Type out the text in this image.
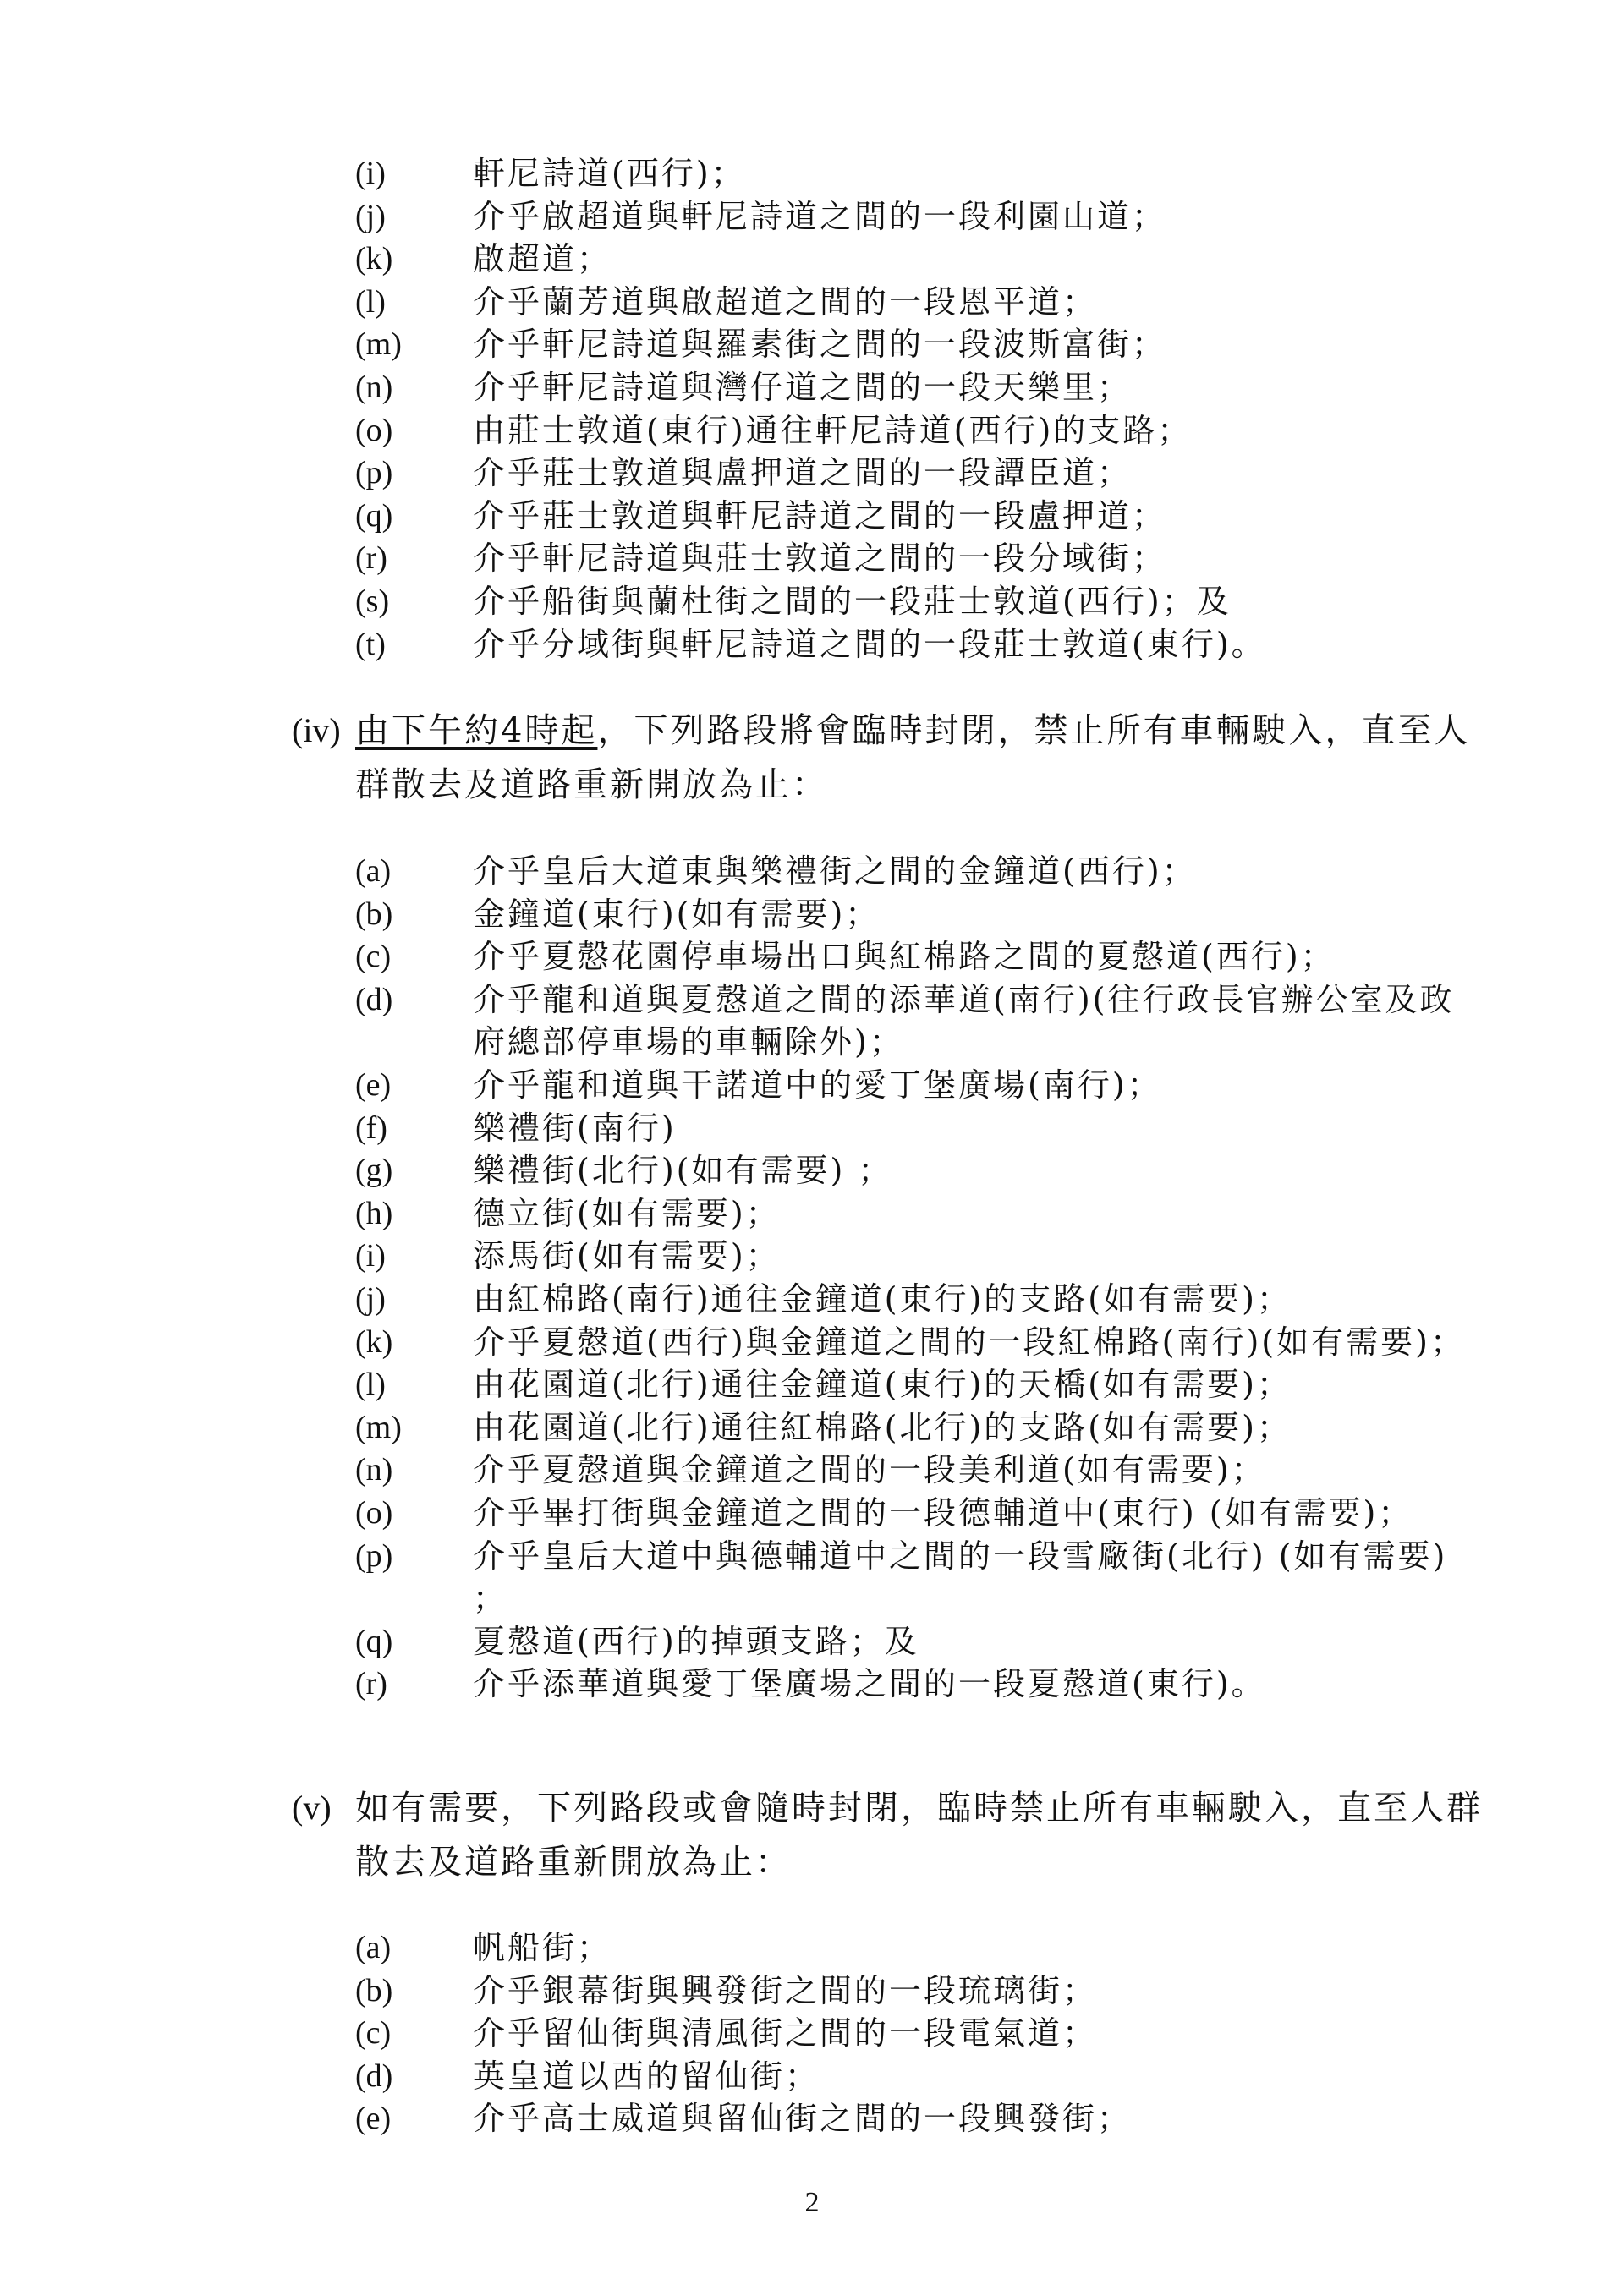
(i)	軒尼詩道(西行)；
(j)	介乎啟超道與軒尼詩道之間的一段利園山道；
(k)	啟超道；
(l)	介乎蘭芳道與啟超道之間的一段恩平道；
(m)	介乎軒尼詩道與羅素街之間的一段波斯富街；
(n)	介乎軒尼詩道與灣仔道之間的一段天樂里；
(o)	由莊士敦道(東行)通往軒尼詩道(西行)的支路；
(p)	介乎莊士敦道與盧押道之間的一段譚臣道；
(q)	介乎莊士敦道與軒尼詩道之間的一段盧押道；
(r)	介乎軒尼詩道與莊士敦道之間的一段分域街；
(s)	介乎船街與蘭杜街之間的一段莊士敦道(西行)；及
(t)	介乎分域街與軒尼詩道之間的一段莊士敦道(東行)。
(iv) 由下午約4時起，下列路段將會臨時封閉，禁止所有車輛駛入，直至人群散去及道路重新開放為止：
(a)	介乎皇后大道東與樂禮街之間的金鐘道(西行)；
(b)	金鐘道(東行)(如有需要)；
(c)	介乎夏慤花園停車場出口與紅棉路之間的夏慤道(西行)；
(d)	介乎龍和道與夏慤道之間的添華道(南行)(往行政長官辦公室及政府總部停車場的車輛除外)；
(e)	介乎龍和道與干諾道中的愛丁堡廣場(南行)；
(f)	樂禮街(南行)
(g)	樂禮街(北行)(如有需要) ；
(h)	德立街(如有需要)；
(i)	添馬街(如有需要)；
(j)	由紅棉路(南行)通往金鐘道(東行)的支路(如有需要)；
(k)	介乎夏慤道(西行)與金鐘道之間的一段紅棉路(南行)(如有需要)；
(l)	由花園道(北行)通往金鐘道(東行)的天橋(如有需要)；
(m)	由花園道(北行)通往紅棉路(北行)的支路(如有需要)；
(n)	介乎夏慤道與金鐘道之間的一段美利道(如有需要)；
(o)	介乎畢打街與金鐘道之間的一段德輔道中(東行) (如有需要)；
(p)	介乎皇后大道中與德輔道中之間的一段雪廠街(北行) (如有需要) ；
(q)	夏慤道(西行)的掉頭支路；及
(r)	介乎添華道與愛丁堡廣場之間的一段夏慤道(東行)。
(v) 如有需要，下列路段或會隨時封閉，臨時禁止所有車輛駛入，直至人群散去及道路重新開放為止：
(a)	帆船街；
(b)	介乎銀幕街與興發街之間的一段琉璃街；
(c)	介乎留仙街與清風街之間的一段電氣道；
(d)	英皇道以西的留仙街；
(e)	介乎高士威道與留仙街之間的一段興發街；
2
